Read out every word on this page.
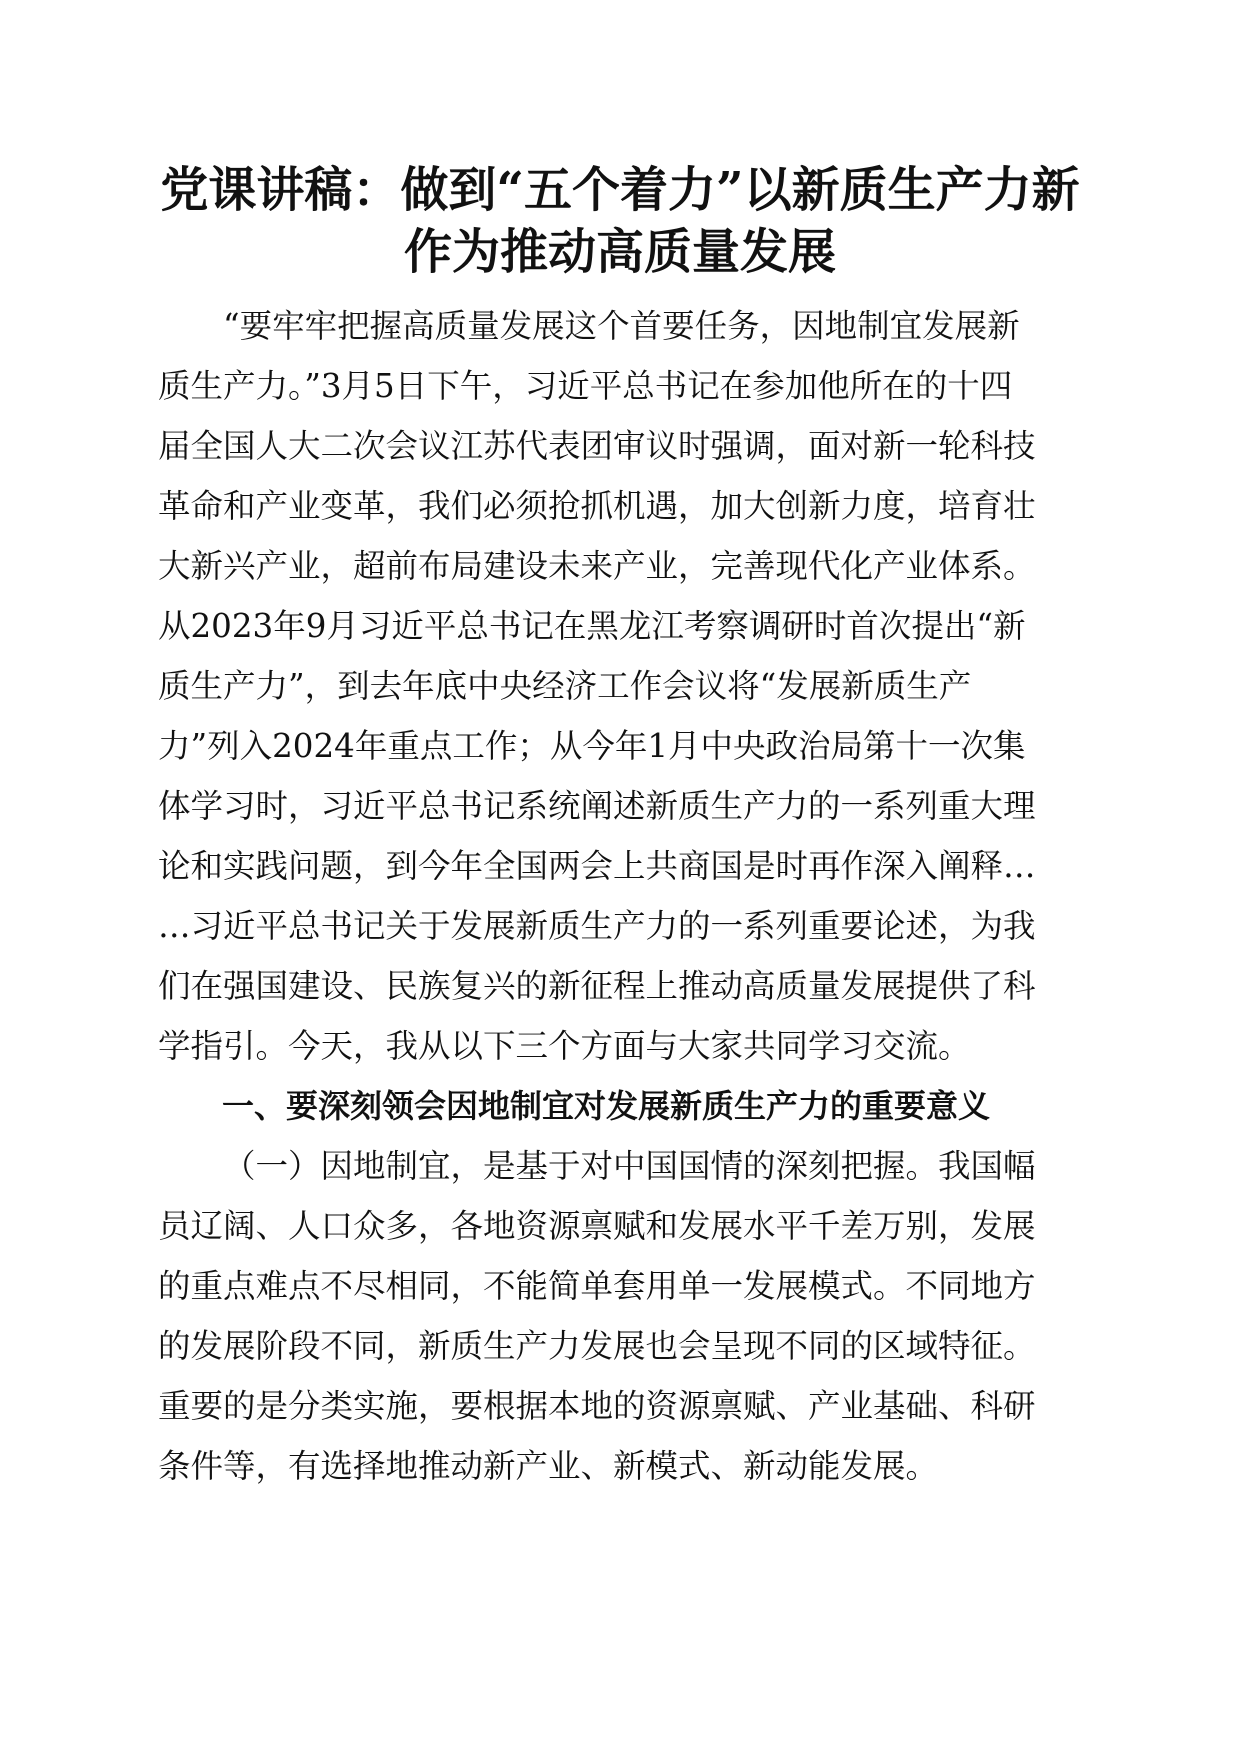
党课讲稿：做到“五个着力”以新质生产力新
作为推动高质量发展
“要牢牢把握高质量发展这个首要任务，因地制宜发展新
质生产力。”3月5日下午，习近平总书记在参加他所在的十四
届全国人大二次会议江苏代表团审议时强调，面对新一轮科技
革命和产业变革，我们必须抢抓机遇，加大创新力度，培育壮
大新兴产业，超前布局建设未来产业，完善现代化产业体系。
从2023年9月习近平总书记在黑龙江考察调研时首次提出“新
质生产力”，到去年底中央经济工作会议将“发展新质生产
力”列入2024年重点工作；从今年1月中央政治局第十一次集
体学习时，习近平总书记系统阐述新质生产力的一系列重大理
论和实践问题，到今年全国两会上共商国是时再作深入阐释…
…习近平总书记关于发展新质生产力的一系列重要论述，为我
们在强国建设、民族复兴的新征程上推动高质量发展提供了科
学指引。今天，我从以下三个方面与大家共同学习交流。
一、要深刻领会因地制宜对发展新质生产力的重要意义
（一）因地制宜，是基于对中国国情的深刻把握。我国幅
员辽阔、人口众多，各地资源禀赋和发展水平千差万别，发展
的重点难点不尽相同，不能简单套用单一发展模式。不同地方
的发展阶段不同，新质生产力发展也会呈现不同的区域特征。
重要的是分类实施，要根据本地的资源禀赋、产业基础、科研
条件等，有选择地推动新产业、新模式、新动能发展。
